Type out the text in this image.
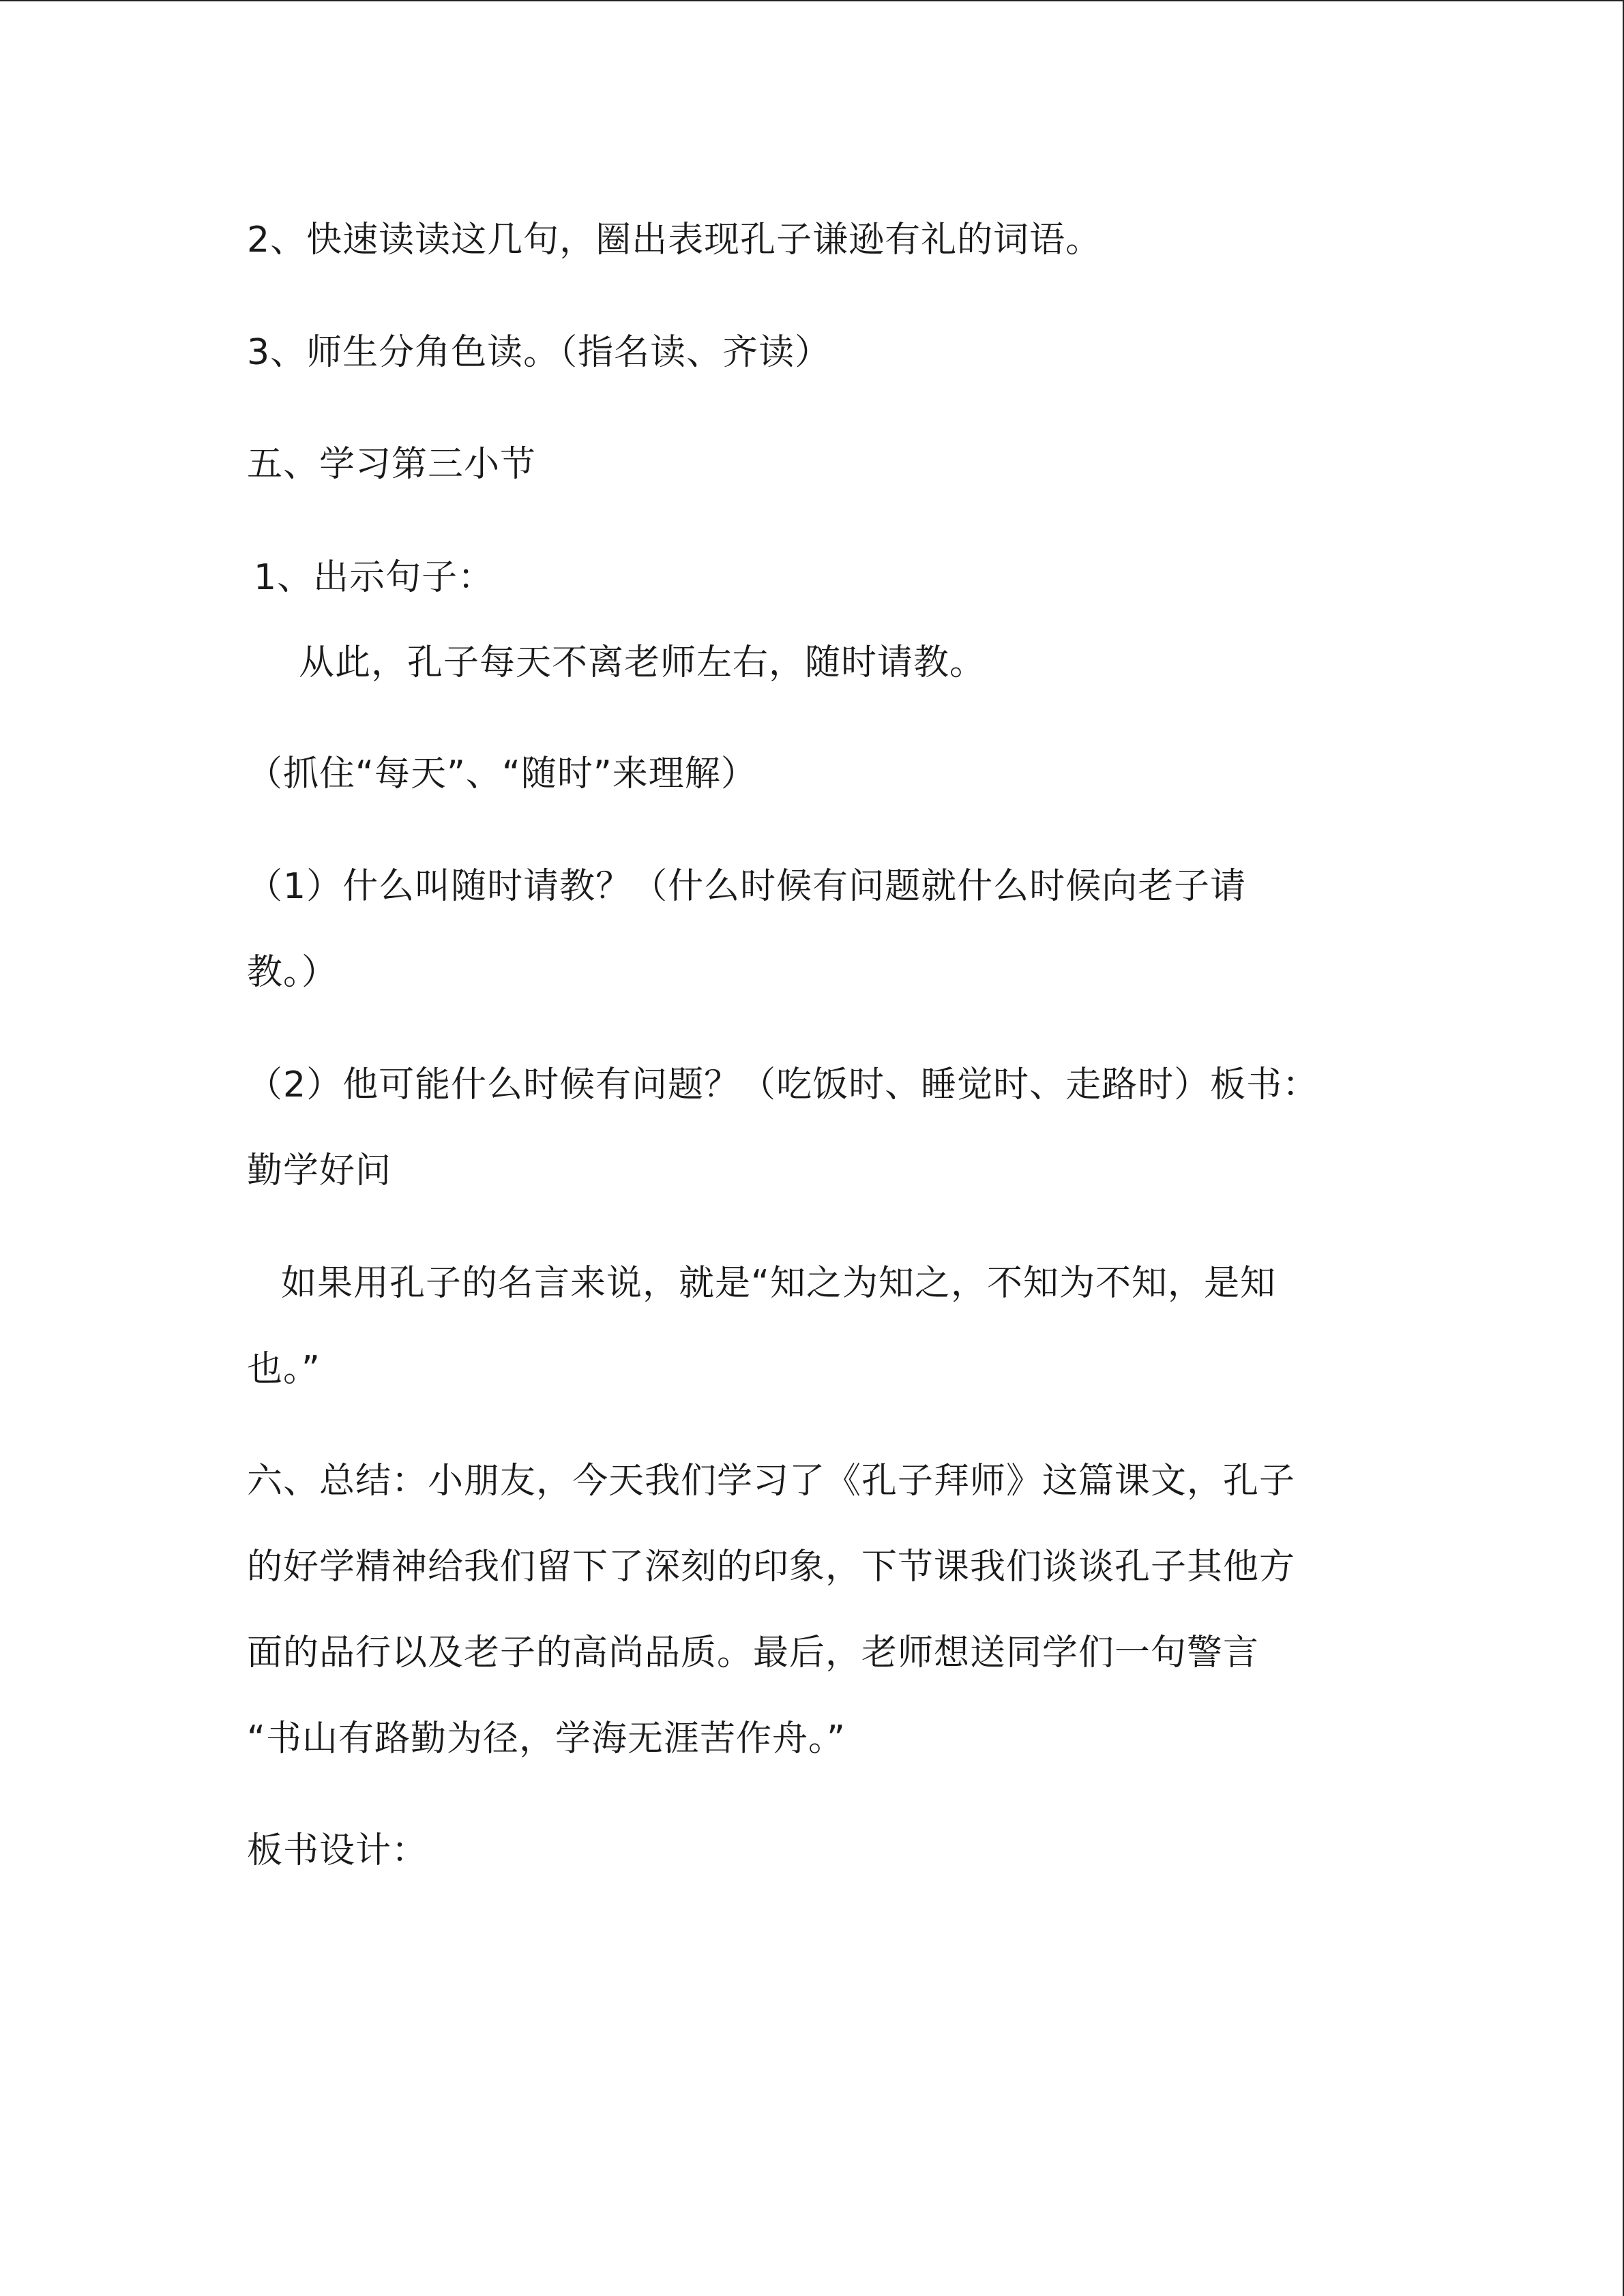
2、快速读读这几句，圈出表现孔子谦逊有礼的词语。
3、师生分角色读。（指名读、齐读）
五、学习第三小节
1、出示句子：
从此，孔子每天不离老师左右，随时请教。
（抓住“每天”、“随时”来理解）
（1）什么叫随时请教？（什么时候有问题就什么时候向老子请
教。）
（2）他可能什么时候有问题？（吃饭时、睡觉时、走路时）板书：
勤学好问
如果用孔子的名言来说，就是“知之为知之，不知为不知，是知
也。”
六、总结：小朋友，今天我们学习了《孔子拜师》这篇课文，孔子
的好学精神给我们留下了深刻的印象，下节课我们谈谈孔子其他方
面的品行以及老子的高尚品质。最后，老师想送同学们一句警言
“书山有路勤为径，学海无涯苦作舟。”
板书设计：
